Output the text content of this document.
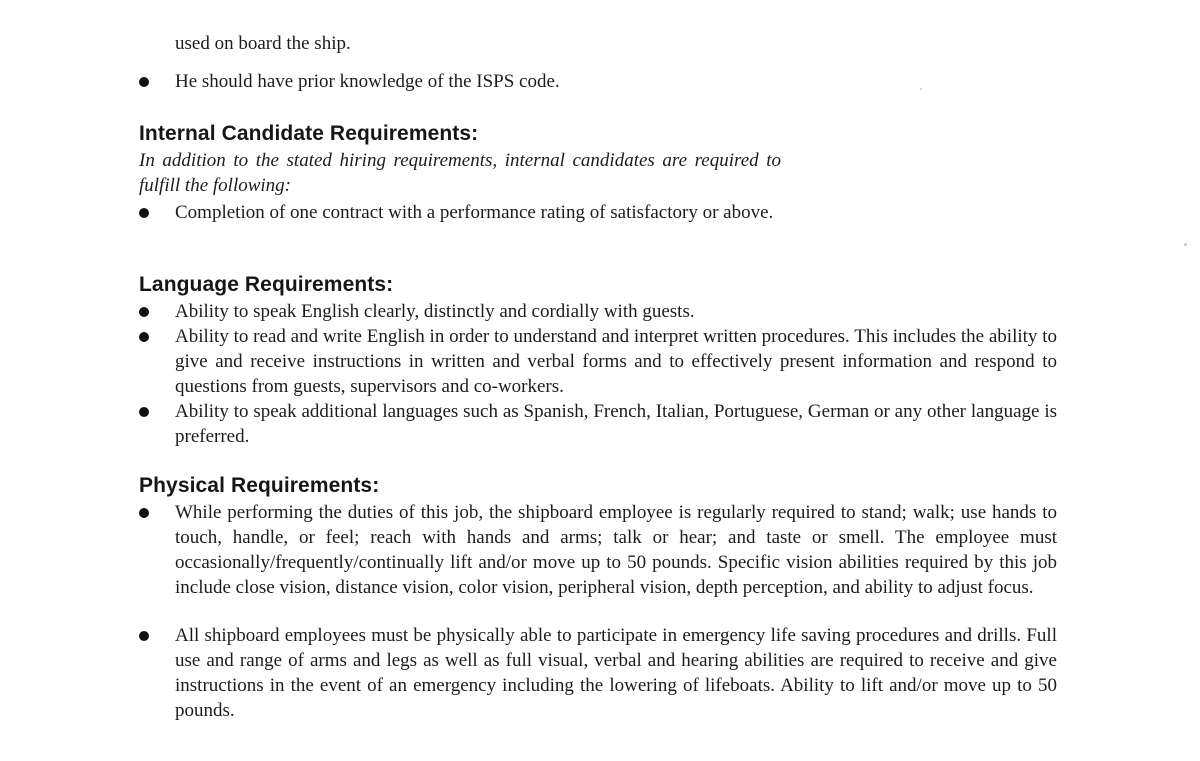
used on board the ship.
He should have prior knowledge of the ISPS code.
Internal Candidate Requirements:
In addition to the stated hiring requirements, internal candidates are required to fulfill the following:
Completion of one contract with a performance rating of satisfactory or above.
Language Requirements:
Ability to speak English clearly, distinctly and cordially with guests.
Ability to read and write English in order to understand and interpret written procedures. This includes the ability to give and receive instructions in written and verbal forms and to effectively present information and respond to questions from guests, supervisors and co-workers.
Ability to speak additional languages such as Spanish, French, Italian, Portuguese, German or any other language is preferred.
Physical Requirements:
While performing the duties of this job, the shipboard employee is regularly required to stand; walk; use hands to touch, handle, or feel; reach with hands and arms; talk or hear; and taste or smell. The employee must occasionally/frequently/continually lift and/or move up to 50 pounds. Specific vision abilities required by this job include close vision, distance vision, color vision, peripheral vision, depth perception, and ability to adjust focus.
All shipboard employees must be physically able to participate in emergency life saving procedures and drills. Full use and range of arms and legs as well as full visual, verbal and hearing abilities are required to receive and give instructions in the event of an emergency including the lowering of lifeboats. Ability to lift and/or move up to 50 pounds.
